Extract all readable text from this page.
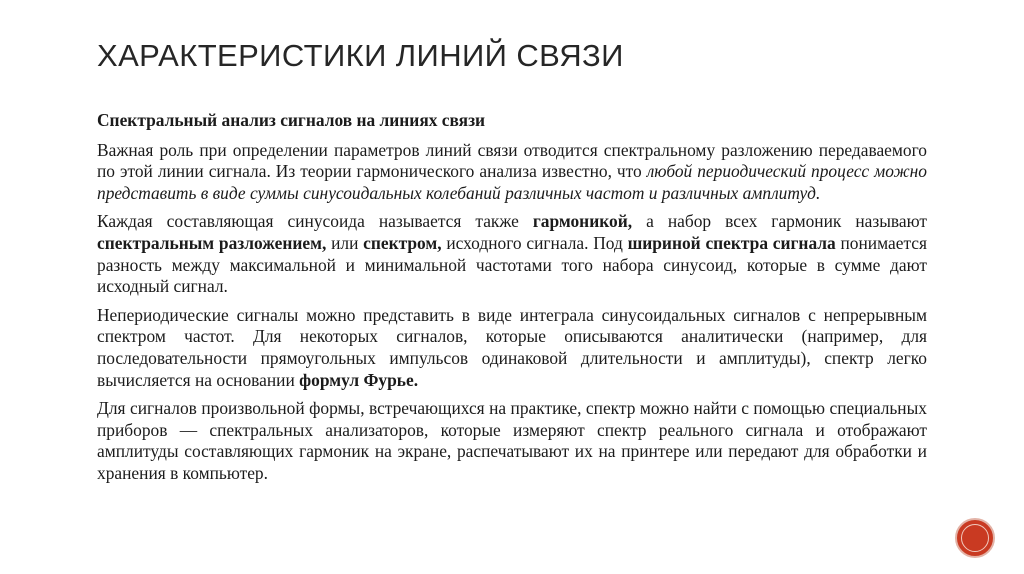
ХАРАКТЕРИСТИКИ ЛИНИЙ СВЯЗИ

Спектральный анализ сигналов на линиях связи

Важная роль при определении параметров линий связи отводится спектральному разложению передаваемого по этой линии сигнала. Из теории гармонического анализа известно, что любой периодический процесс можно представить в виде суммы синусоидальных колебаний различных частот и различных амплитуд.

Каждая составляющая синусоида называется также гармоникой, а набор всех гармоник называют спектральным разложением, или спектром, исходного сигнала. Под шириной спектра сигнала понимается разность между максимальной и минимальной частотами того набора синусоид, которые в сумме дают исходный сигнал.

Непериодические сигналы можно представить в виде интеграла синусоидальных сигналов с непрерывным спектром частот. Для некоторых сигналов, которые описываются аналитически (например, для последовательности прямоугольных импульсов одинаковой длительности и амплитуды), спектр легко вычисляется на основании формул Фурье.

Для сигналов произвольной формы, встречающихся на практике, спектр можно найти с помощью специальных приборов — спектральных анализаторов, которые измеряют спектр реального сигнала и отображают амплитуды составляющих гармоник на экране, распечатывают их на принтере или передают для обработки и хранения в компьютер.
